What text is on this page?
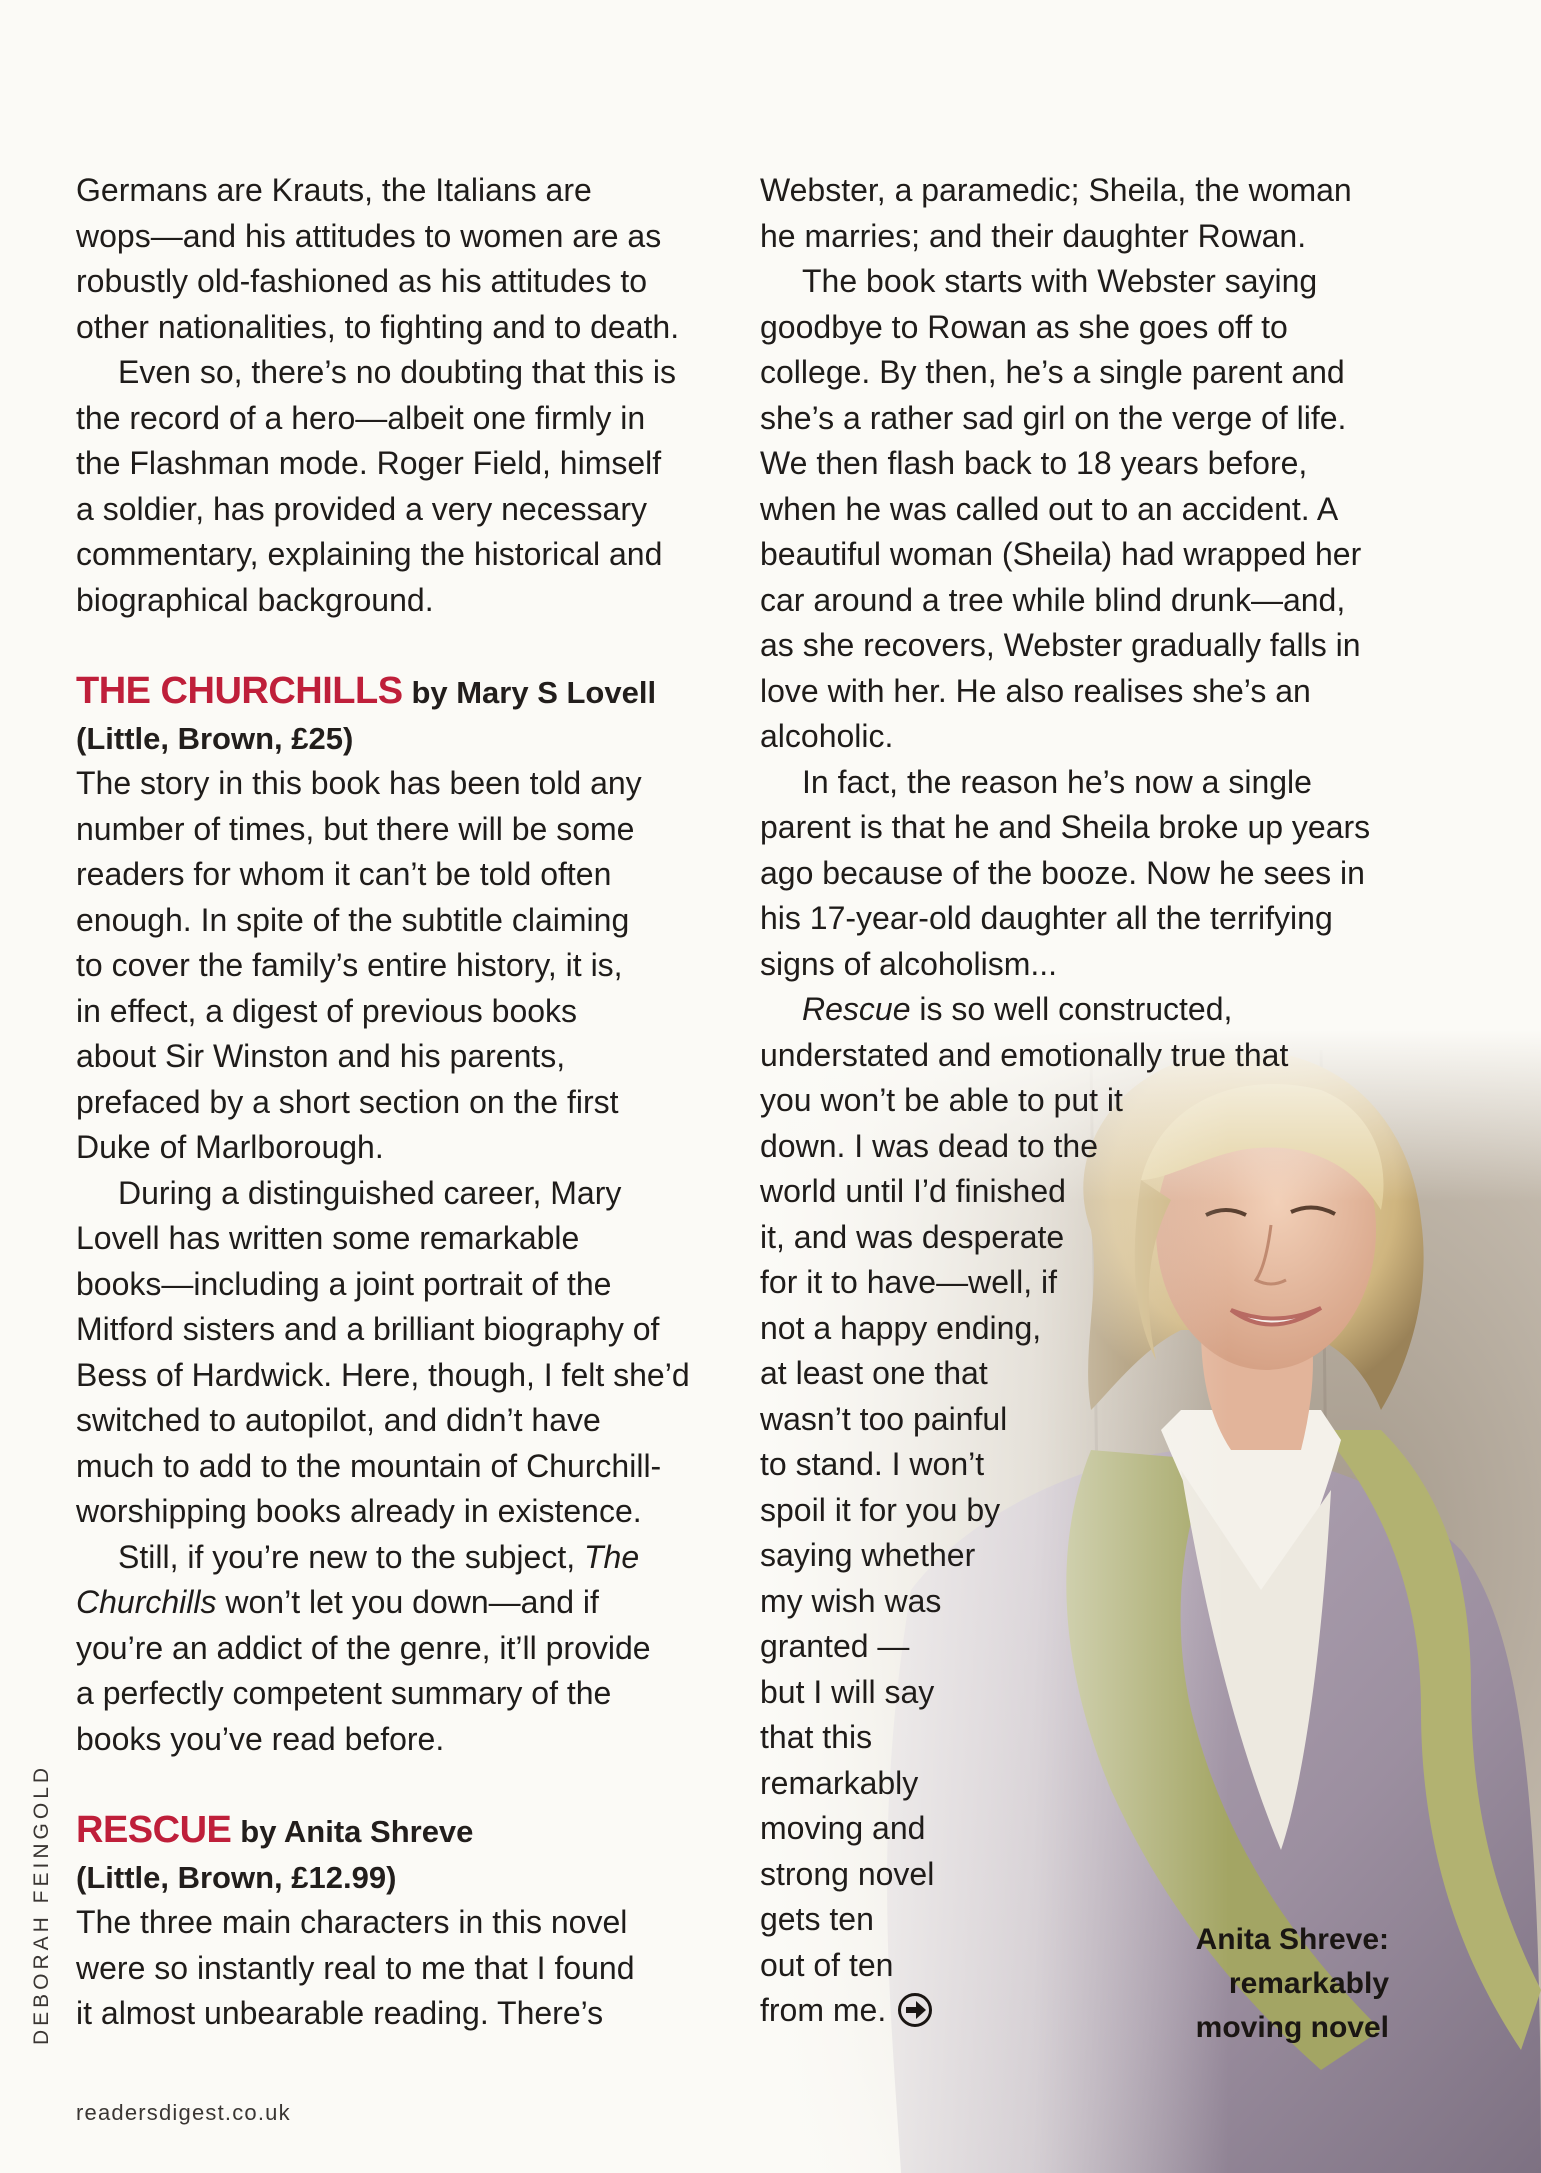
Germans are Krauts, the Italians are
wops—and his attitudes to women are as
robustly old-fashioned as his attitudes to
other nationalities, to fighting and to death.

Even so, there’s no doubting that this is
the record of a hero—albeit one firmly in
the Flashman mode. Roger Field, himself
a soldier, has provided a very necessary
commentary, explaining the historical and
biographical background.

THE CHURCHILLS by Mary S Lovell
(Little, Brown, £25)

The story in this book has been told any
number of times, but there will be some
readers for whom it can’t be told often
enough. In spite of the subtitle claiming
to cover the family’s entire history, it is,
in effect, a digest of previous books
about Sir Winston and his parents,
prefaced by a short section on the first
Duke of Marlborough.

During a distinguished career, Mary
Lovell has written some remarkable
books—including a joint portrait of the
Mitford sisters and a brilliant biography of
Bess of Hardwick. Here, though, I felt she’d
switched to autopilot, and didn’t have
much to add to the mountain of Churchill-
worshipping books already in existence.

Still, if you’re new to the subject, The
Churchills won’t let you down—and if
you’re an addict of the genre, it’ll provide
a perfectly competent summary of the
books you’ve read before.

RESCUE by Anita Shreve
(Little, Brown, £12.99)

The three main characters in this novel
were so instantly real to me that I found
it almost unbearable reading. There’s

Webster, a paramedic; Sheila, the woman
he marries; and their daughter Rowan.

The book starts with Webster saying
goodbye to Rowan as she goes off to
college. By then, he’s a single parent and
she’s a rather sad girl on the verge of life.
We then flash back to 18 years before,
when he was called out to an accident. A
beautiful woman (Sheila) had wrapped her
car around a tree while blind drunk—and,
as she recovers, Webster gradually falls in
love with her. He also realises she’s an
alcoholic.

In fact, the reason he’s now a single
parent is that he and Sheila broke up years
ago because of the booze. Now he sees in
his 17-year-old daughter all the terrifying
signs of alcoholism...

Rescue is so well constructed,
understated and emotionally true that
you won’t be able to put it
down. I was dead to the
world until I’d finished
it, and was desperate
for it to have—well, if
not a happy ending,
at least one that
wasn’t too painful
to stand. I won’t
spoil it for you by
saying whether
my wish was
granted —
but I will say
that this
remarkably
moving and
strong novel
gets ten
out of ten
from me.

Anita Shreve:
remarkably
moving novel
DEBORAH FEINGOLD
readersdigest.co.uk
